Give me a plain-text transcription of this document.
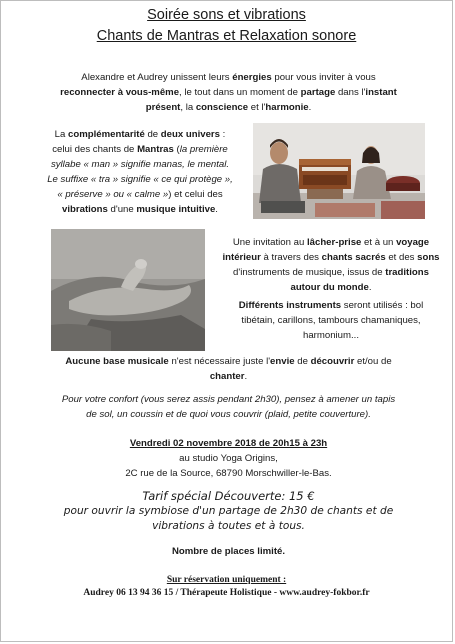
Soirée sons et vibrations
Chants de Mantras et Relaxation sonore
Alexandre et Audrey unissent leurs énergies pour vous inviter à vous
reconnecter à vous-même, le tout dans un moment de partage dans l'instant
présent, la conscience et l'harmonie.
La complémentarité de deux univers :
celui des chants de Mantras (la première
syllabe « man » signifie manas, le mental.
Le suffixe « tra » signifie « ce qui protège »,
« préserve » ou « calme ») et celui des
vibrations d'une musique intuitive.
Une invitation au lâcher-prise et à un voyage
intérieur à travers des chants sacrés et des sons
d'instruments de musique, issus de traditions
autour du monde.
Différents instruments seront utilisés : bol
tibétain, carillons, tambours chamaniques,
harmonium...
Aucune base musicale n'est nécessaire juste l'envie de découvrir et/ou de
chanter.
Pour votre confort (vous serez assis pendant 2h30), pensez à amener un tapis
de sol, un coussin et de quoi vous couvrir (plaid, petite couverture).
Vendredi 02 novembre 2018 de 20h15 à 23h
au studio Yoga Origins,
2C rue de la Source, 68790 Morschwiller-le-Bas.
Tarif spécial Découverte: 15 €
pour ouvrir la symbiose d'un partage de 2h30 de chants et de
vibrations à toutes et à tous.
Nombre de places limité.
Sur réservation uniquement :
Audrey 06 13 94 36 15 / Thérapeute Holistique - www.audrey-fokbor.fr
